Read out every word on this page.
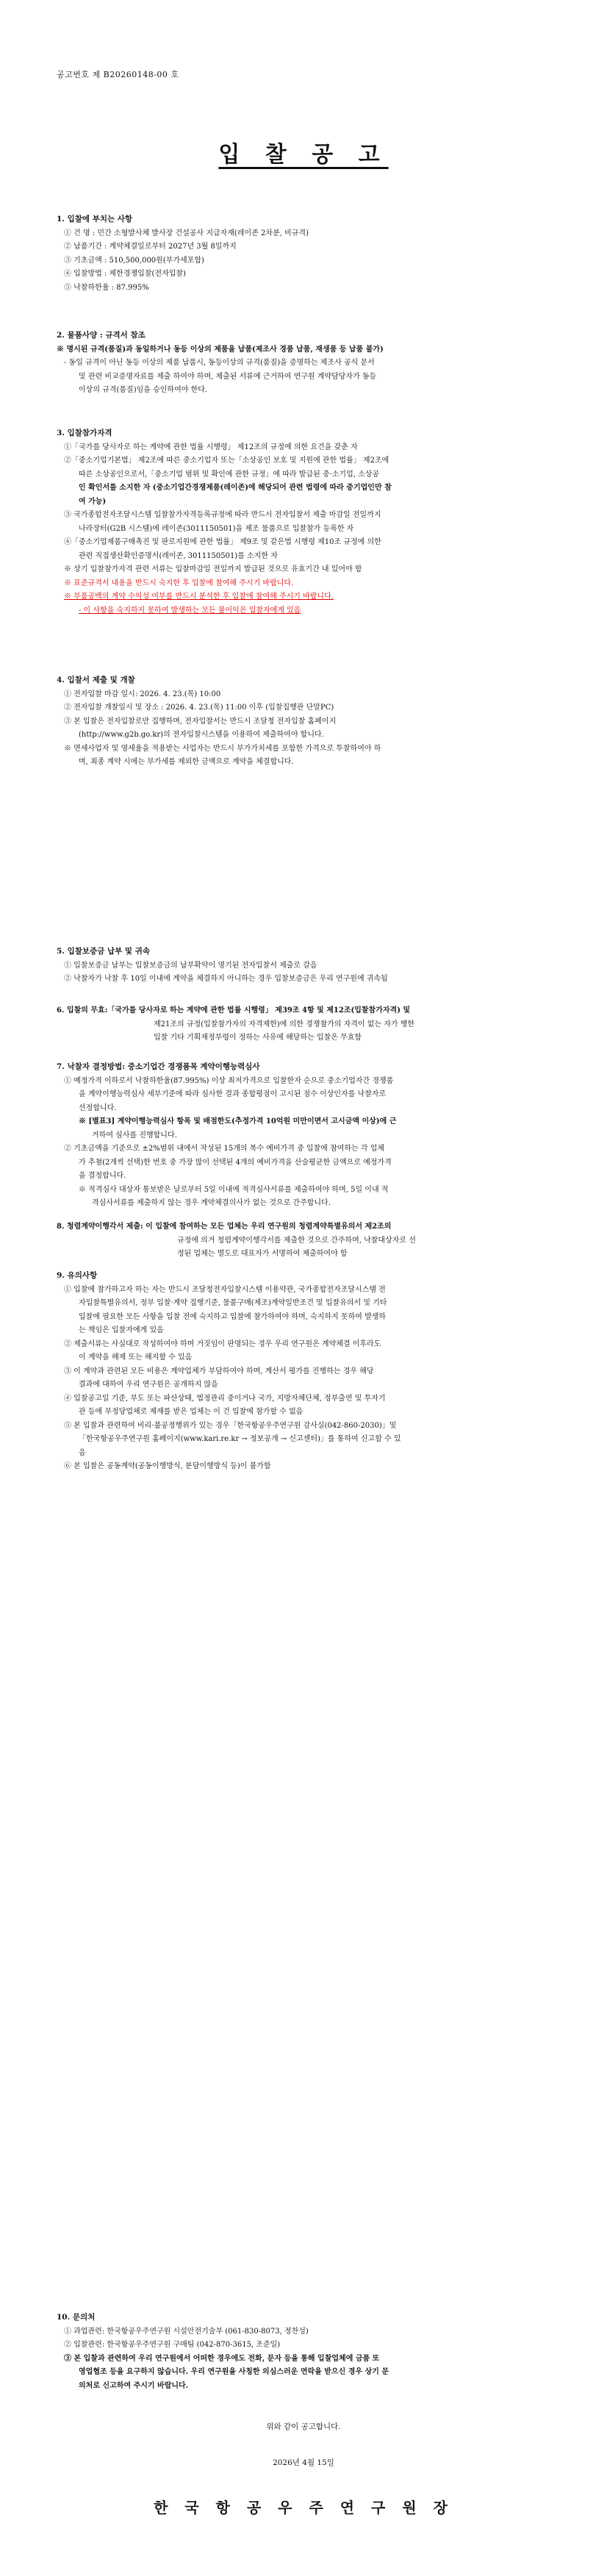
공고번호 제 B20260148-00 호
입 찰 공 고
1. 입찰에 부치는 사항
① 건 명 : 민간 소형발사체 발사장 건설공사 지급자재(레이존 2차분, 비규격)
② 납품기간 : 계약체결일로부터 2027년 3월 8일까지
③ 기초금액 : 510,500,000원(부가세포함)
④ 입찰방법 : 제한경쟁입찰(전자입찰)
⑤ 낙찰하한율 : 87.995%
2. 물품사양 : 규격서 참조
※ 명시된 규격(품질)과 동일하거나 동등 이상의 제품을 납품(제조사 경품 납품, 재생품 등 납품 불가)
- 동일 규격이 아닌 동등 이상의 제품 납품시, 동등이상의 규격(품질)을 증명하는 제조사 공식 문서
및 관련 비교증명자료를 제출 하여야 하며, 제출된 서류에 근거하여 연구원 계약담당자가 동등
이상의 규격(품질)임을 승인하여야 한다.
3. 입찰참가자격
①「국가를 당사자로 하는 계약에 관한 법률 시행령」 제12조의 규정에 의한 요건을 갖춘 자
②「중소기업기본법」 제2조에 따른 중소기업자 또는「소상공인 보호 및 지원에 관한 법률」 제2조에
따른 소상공인으로서,「중소기업 범위 및 확인에 관한 규정」에 따라 발급된 중·소기업, 소상공
인 확인서를 소지한 자 (중소기업간경쟁제품(레이존)에 해당되어 관련 법령에 따라 중기업인만 참
여 가능)
③ 국가종합전자조달시스템 입찰참가자격등록규정에 따라 반드시 전자입찰서 제출 마감일 전일까지
나라장터(G2B 시스템)에 레이존(3011150501)을 제조 물품으로 입찰참가 등록한 자
④「중소기업제품구매촉진 및 판로지원에 관한 법률」 제9조 및 같은법 시행령 제10조 규정에 의한
관련 직접생산확인증명서(레이존, 3011150501)를 소지한 자
※ 상기 입찰참가자격 관련 서류는 입찰마감일 전일까지 발급된 것으로 유효기간 내 있어야 함
※ 표준규격서 내용을 반드시 숙지한 후 입찰에 참여해 주시기 바랍니다.
※ 부품공백의 계약 수익성 여부를 반드시 분석한 후 입찰에 참여해 주시기 바랍니다.
- 이 사항을 숙지하지 못하여 발생하는 모든 불이익은 입찰자에게 있음
4. 입찰서 제출 및 개찰
① 전자입찰 마감 일시: 2026. 4. 23.(목) 10:00
② 전자입찰 개찰일시 및 장소 : 2026. 4. 23.(목) 11:00 이후 (입찰집행관 단말PC)
③ 본 입찰은 전자입찰로만 집행하며, 전자입찰서는 반드시 조달청 전자입찰 홈페이지
(http://www.g2b.go.kr)의 전자입찰시스템을 이용하여 제출하여야 합니다.
※ 면세사업자 및 영세율을 적용받는 사업자는 반드시 부가가치세를 포함한 가격으로 투찰하여야 하
며, 최종 계약 시에는 부가세를 제외한 금액으로 계약을 체결합니다.
5. 입찰보증금 납부 및 귀속
① 입찰보증금 납부는 입찰보증금의 납부확약이 명기된 전자입찰서 제출로 갈음
② 낙찰자가 낙찰 후 10일 이내에 계약을 체결하지 아니하는 경우 입찰보증금은 우리 연구원에 귀속됨
6. 입찰의 무효:「국가를 당사자로 하는 계약에 관한 법률 시행령」 제39조 4항 및 제12조(입찰참가자격) 및
제21조의 규정(입찰참가자의 자격제한)에 의한 경쟁참가의 자격이 없는 자가 행한
입찰 기타 기획재정부령이 정하는 사유에 해당하는 입찰은 무효함
7. 낙찰자 결정방법: 중소기업간 경쟁품목 계약이행능력심사
① 예정가격 이하로서 낙찰하한율(87.995%) 이상 최저가격으로 입찰한자 순으로 중소기업자간 경쟁품
을 계약이행능력심사 세부기준에 따라 심사한 결과 종합평점이 고시된 점수 이상인자를 낙찰자로
선정합니다.
※ [별표3] 계약이행능력심사 항목 및 배점한도(추정가격 10억원 미만이면서 고시금액 이상)에 근
거하여 심사를 진행합니다.
② 기초금액을 기준으로 ±2%범위 내에서 작성된 15개의 복수 예비가격 중 입찰에 참여하는 각 업체
가 추첨(2개씩 선택)한 번호 중 가장 많이 선택된 4개의 예비가격을 산술평균한 금액으로 예정가격
을 결정합니다.
※ 적격심사 대상자 통보받은 날로부터 5일 이내에 적격심사서류를 제출하여야 하며, 5일 이내 적
격심사서류를 제출하지 않는 경우 계약체결의사가 없는 것으로 간주합니다.
8. 청렴계약이행각서 제출: 이 입찰에 참여하는 모든 업체는 우리 연구원의 청렴계약특별유의서 제2조의
규정에 의거 청렴계약이행각서를 제출한 것으로 간주하며, 낙찰대상자로 선
정된 업체는 별도로 대표자가 서명하여 제출하여야 함
9. 유의사항
① 입찰에 참가하고자 하는 자는 반드시 조달청전자입찰시스템 이용약관, 국가종합전자조달시스템 전
자입찰특별유의서, 정부 입찰·계약 집행기준, 물품구매(제조)계약일반조건 및 입찰유의서 및 기타
입찰에 필요한 모든 사항을 입찰 전에 숙지하고 입찰에 참가하여야 하며, 숙지하지 못하여 발생하
는 책임은 입찰자에게 있음
② 제출서류는 사실대로 작성하여야 하며 거짓임이 판명되는 경우 우리 연구원은 계약체결 이후라도
이 계약을 해제 또는 해지할 수 있음
③ 이 계약과 관련된 모든 비용은 계약업체가 부담하여야 하며, 계산서 평가를 진행하는 경우 해당
결과에 대하여 우리 연구원은 공개하지 않음
④ 입찰공고일 기준, 부도 또는 파산상태, 법정관리 중이거나 국가, 지방자체단체, 정부출연 및 투자기
관 등에 부정당업체로 제재를 받은 업체는 이 건 입찰에 참가할 수 없음
⑤ 본 입찰과 관련하여 비리·불공정행위가 있는 경우「한국항공우주연구원 감사실(042-860-2030)」및
「한국항공우주연구원 홈페이지(www.kari.re.kr → 정보공개 → 신고센터)」를 통하여 신고할 수 있
음
⑥ 본 입찰은 공동계약(공동이행방식, 분담이행방식 등)이 불가함
10. 문의처
① 과업관련: 한국항공우주연구원 시설안전기술부 (061-830-8073, 정찬성)
② 입찰관련: 한국항공우주연구원 구매팀 (042-870-3615, 조준일)
③ 본 입찰과 관련하여 우리 연구원에서 어떠한 경우에도 전화, 문자 등을 통해 입찰업체에 금품 또
영업협조 등을 요구하지 않습니다. 우리 연구원을 사칭한 의심스러운 연락을 받으신 경우 상기 문
의처로 신고하여 주시기 바랍니다.
위와 같이 공고합니다.
2026년 4월 15일
한 국 항 공 우 주 연 구 원 장
